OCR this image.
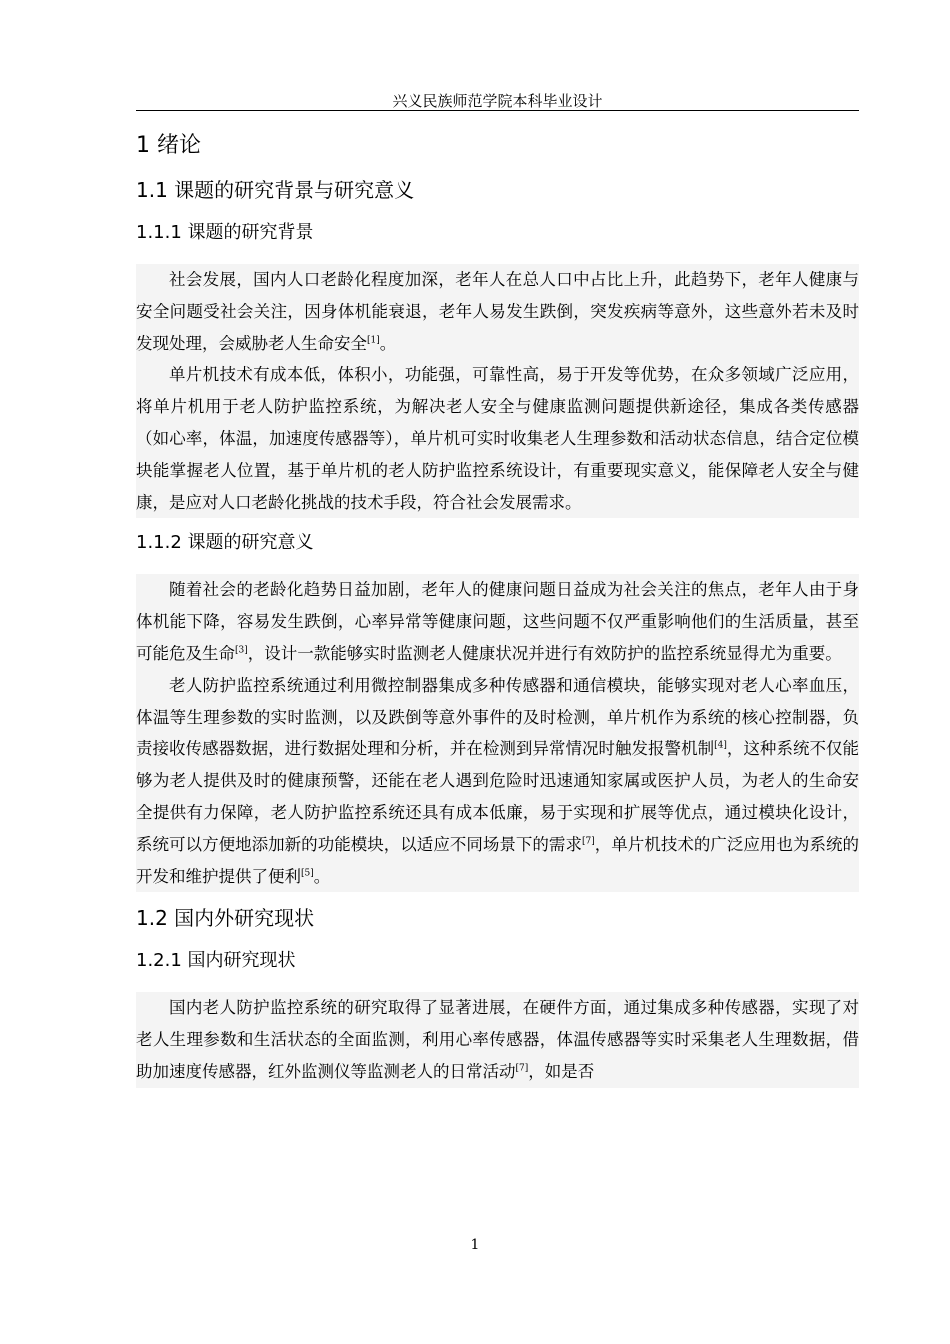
兴义民族师范学院本科毕业设计
1 绪论
1.1 课题的研究背景与研究意义
1.1.1 课题的研究背景

社会发展，国内人口老龄化程度加深，老年人在总人口中占比上升，此趋势下，老年人健康与安全问题受社会关注，因身体机能衰退，老年人易发生跌倒，突发疾病等意外，这些意外若未及时发现处理，会威胁老人生命安全[1]。

单片机技术有成本低，体积小，功能强，可靠性高，易于开发等优势，在众多领域广泛应用，将单片机用于老人防护监控系统，为解决老人安全与健康监测问题提供新途径，集成各类传感器（如心率，体温，加速度传感器等），单片机可实时收集老人生理参数和活动状态信息，结合定位模块能掌握老人位置，基于单片机的老人防护监控系统设计，有重要现实意义，能保障老人安全与健康，是应对人口老龄化挑战的技术手段，符合社会发展需求。

1.1.2 课题的研究意义

随着社会的老龄化趋势日益加剧，老年人的健康问题日益成为社会关注的焦点，老年人由于身体机能下降，容易发生跌倒，心率异常等健康问题，这些问题不仅严重影响他们的生活质量，甚至可能危及生命[3]，设计一款能够实时监测老人健康状况并进行有效防护的监控系统显得尤为重要。

老人防护监控系统通过利用微控制器集成多种传感器和通信模块，能够实现对老人心率血压，体温等生理参数的实时监测，以及跌倒等意外事件的及时检测，单片机作为系统的核心控制器，负责接收传感器数据，进行数据处理和分析，并在检测到异常情况时触发报警机制[4]，这种系统不仅能够为老人提供及时的健康预警，还能在老人遇到危险时迅速通知家属或医护人员，为老人的生命安全提供有力保障，老人防护监控系统还具有成本低廉，易于实现和扩展等优点，通过模块化设计，系统可以方便地添加新的功能模块，以适应不同场景下的需求[7]，单片机技术的广泛应用也为系统的开发和维护提供了便利[5]。

1.2 国内外研究现状
1.2.1 国内研究现状

国内老人防护监控系统的研究取得了显著进展，在硬件方面，通过集成多种传感器，实现了对老人生理参数和生活状态的全面监测，利用心率传感器，体温传感器等实时采集老人生理数据，借助加速度传感器，红外监测仪等监测老人的日常活动[7]，如是否

1
